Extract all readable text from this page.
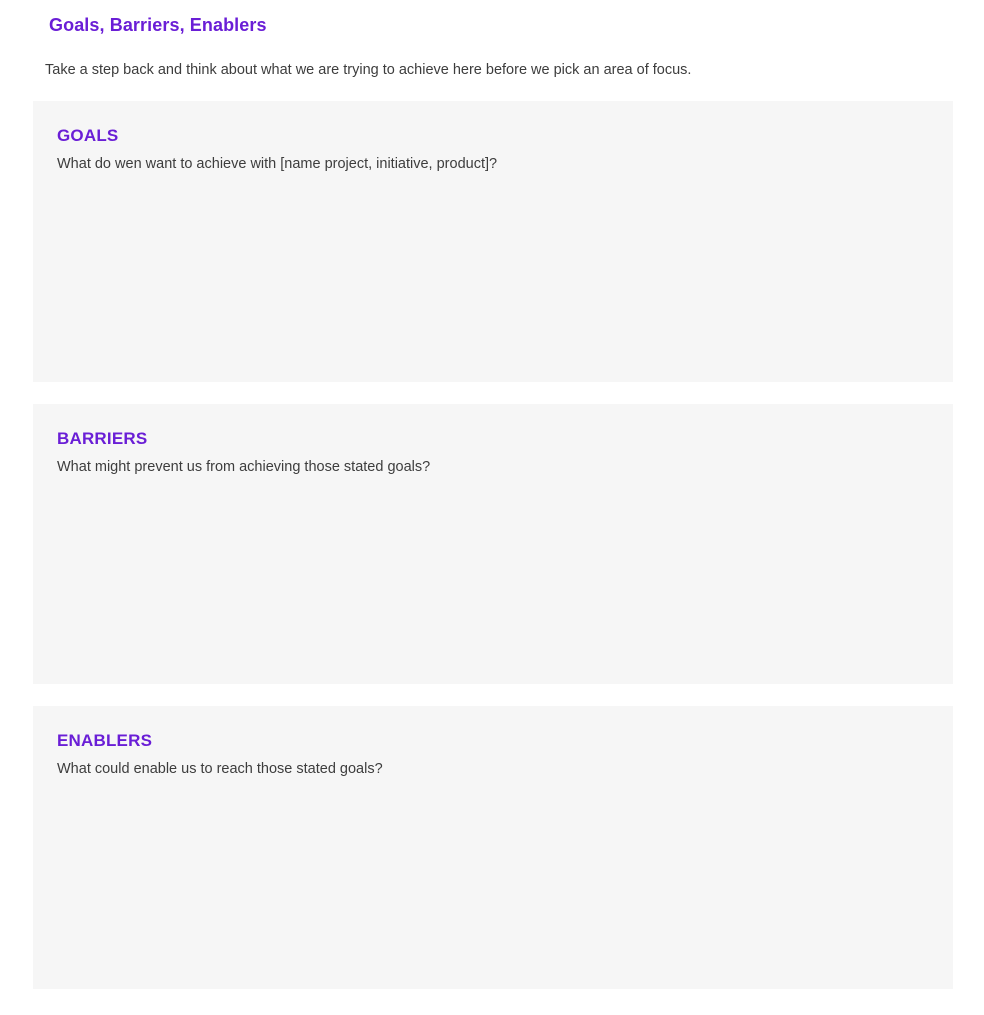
Goals, Barriers, Enablers

Take a step back and think about what we are trying to achieve here before we pick an area of focus.

GOALS

What do wen want to achieve with [name project, initiative, product]?

BARRIERS

What might prevent us from achieving those stated goals?

ENABLERS

What could enable us to reach those stated goals?
